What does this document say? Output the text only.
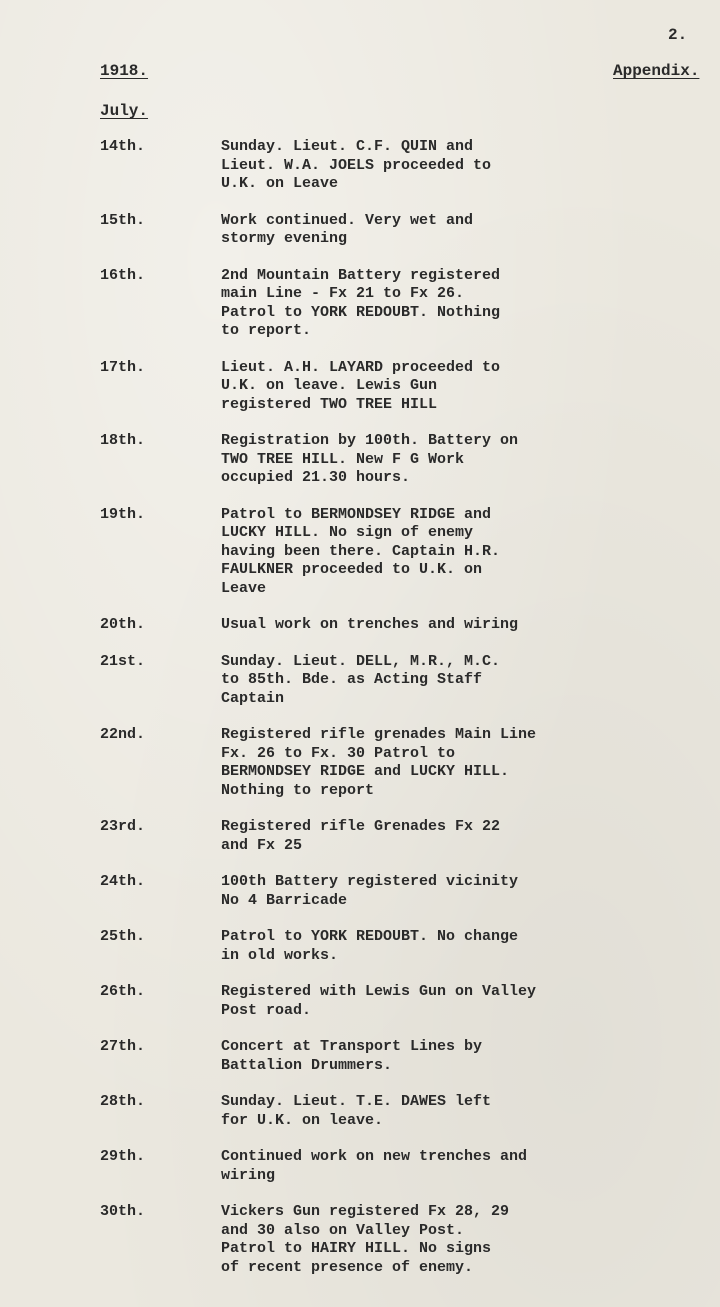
2.
1918.	Appendix.
July.
14th.	Sunday. Lieut. C.F. QUIN and
Lieut. W.A. JOELS proceeded to
U.K. on Leave
15th.	Work continued. Very wet and
stormy evening
16th.	2nd Mountain Battery registered
main Line - Fx 21 to Fx 26.
Patrol to YORK REDOUBT. Nothing
to report.
17th.	Lieut. A.H. LAYARD proceeded to
U.K. on leave. Lewis Gun
registered TWO TREE HILL
18th.	Registration by 100th. Battery on
TWO TREE HILL. New F G Work
occupied 21.30 hours.
19th.	Patrol to BERMONDSEY RIDGE and
LUCKY HILL. No sign of enemy
having been there. Captain H.R.
FAULKNER proceeded to U.K. on
Leave
20th.	Usual work on trenches and wiring
21st.	Sunday. Lieut. DELL, M.R., M.C.
to 85th. Bde. as Acting Staff
Captain
22nd.	Registered rifle grenades Main Line
Fx. 26 to Fx. 30 Patrol to
BERMONDSEY RIDGE and LUCKY HILL.
Nothing to report
23rd.	Registered rifle Grenades Fx 22
and Fx 25
24th.	100th Battery registered vicinity
No 4 Barricade
25th.	Patrol to YORK REDOUBT. No change
in old works.
26th.	Registered with Lewis Gun on Valley
Post road.
27th.	Concert at Transport Lines by
Battalion Drummers.
28th.	Sunday. Lieut. T.E. DAWES left
for U.K. on leave.
29th.	Continued work on new trenches and
wiring
30th.	Vickers Gun registered Fx 28, 29
and 30 also on Valley Post.
Patrol to HAIRY HILL. No signs
of recent presence of enemy.
